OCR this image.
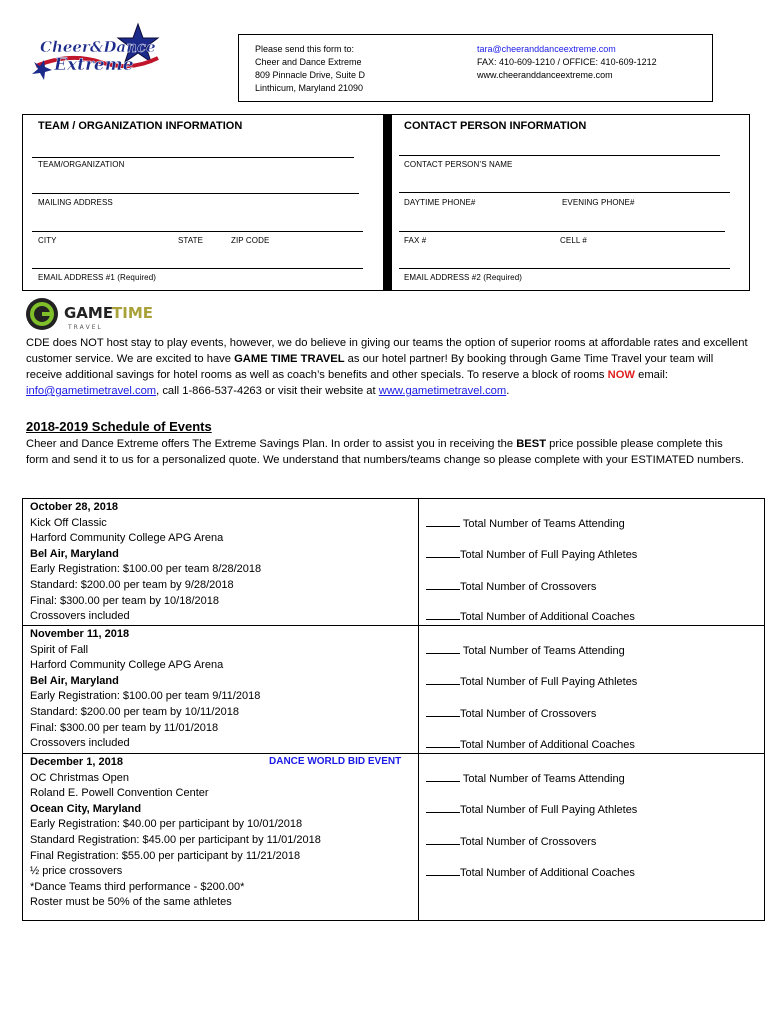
Cheer&Dance
Extreme
Please send this form to:
Cheer and Dance Extreme
809 Pinnacle Drive, Suite D
Linthicum, Maryland 21090
tara@cheeranddanceextreme.com
FAX: 410-609-1210 / OFFICE: 410-609-1212
www.cheeranddanceextreme.com
TEAM / ORGANIZATION INFORMATION
TEAM/ORGANIZATION
MAILING ADDRESS
CITY	STATE	ZIP CODE
EMAIL ADDRESS #1 (Required)
CONTACT PERSON INFORMATION
CONTACT PERSON’S NAME
DAYTIME PHONE#	EVENING PHONE#
FAX #	CELL #
EMAIL ADDRESS #2 (Required)
GAME
TIME
T R A V E L
CDE does NOT host stay to play events, however, we do believe in giving our teams the option of superior rooms at affordable rates and excellent customer service. We are excited to have GAME TIME TRAVEL as our hotel partner! By booking through Game Time Travel your team will receive additional savings for hotel rooms as well as coach’s benefits and other specials. To reserve a block of rooms NOW email:
info@gametimetravel.com, call 1-866-537-4263 or visit their website at www.gametimetravel.com.
2018-2019 Schedule of Events
Cheer and Dance Extreme offers The Extreme Savings Plan. In order to assist you in receiving the BEST price possible please complete this form and send it to us for a personalized quote. We understand that numbers/teams change so please complete with your ESTIMATED numbers.
October 28, 2018
Kick Off Classic
Harford Community College APG Arena
Bel Air, Maryland
Early Registration: $100.00 per team 8/28/2018
Standard: $200.00 per team by 9/28/2018
Final: $300.00 per team by 10/18/2018
Crossovers included
Total Number of Teams Attending
Total Number of Full Paying Athletes
Total Number of Crossovers
Total Number of Additional Coaches
November 11, 2018
Spirit of Fall
Harford Community College APG Arena
Bel Air, Maryland
Early Registration: $100.00 per team 9/11/2018
Standard: $200.00 per team by 10/11/2018
Final: $300.00 per team by 11/01/2018
Crossovers included
Total Number of Teams Attending
Total Number of Full Paying Athletes
Total Number of Crossovers
Total Number of Additional Coaches
December 1, 2018
OC Christmas Open
Roland E. Powell Convention Center
Ocean City, Maryland
Early Registration: $40.00 per participant by 10/01/2018
Standard Registration: $45.00 per participant by 11/01/2018
Final Registration: $55.00 per participant by 11/21/2018
½ price crossovers
*Dance Teams third performance - $200.00*
Roster must be 50% of the same athletes
DANCE WORLD BID EVENT
Total Number of Teams Attending
Total Number of Full Paying Athletes
Total Number of Crossovers
Total Number of Additional Coaches
